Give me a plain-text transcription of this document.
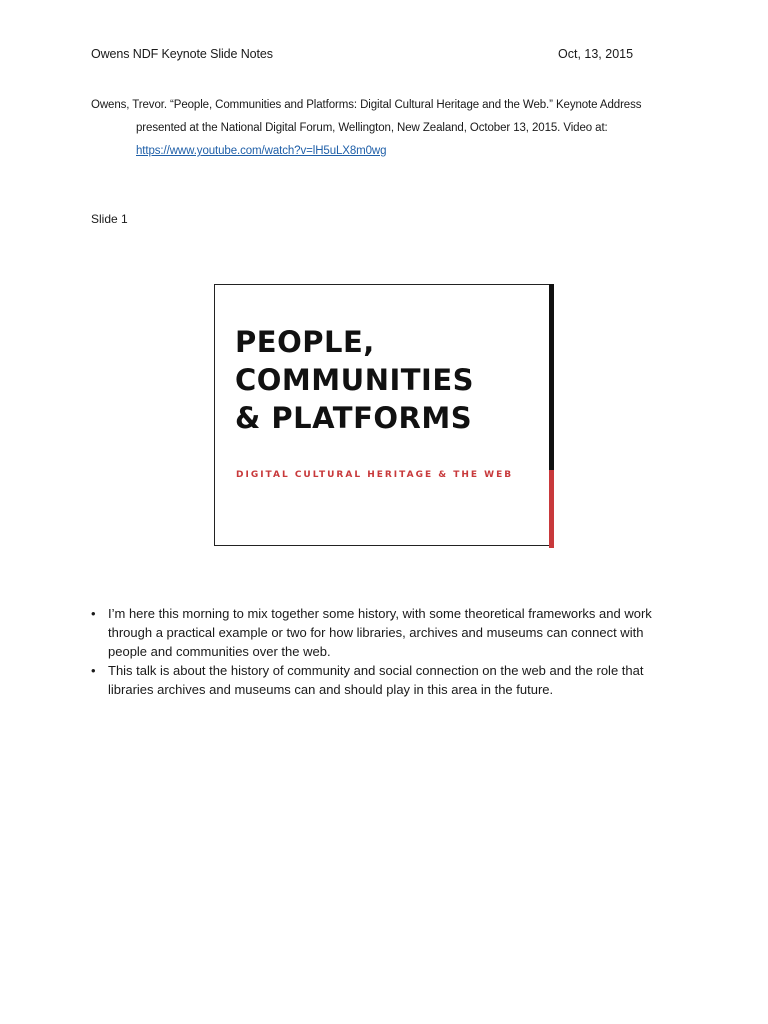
Owens NDF Keynote Slide Notes	Oct, 13, 2015
Owens, Trevor. “People, Communities and Platforms: Digital Cultural Heritage and the Web.” Keynote Address
presented at the National Digital Forum, Wellington, New Zealand, October 13, 2015. Video at:
https://www.youtube.com/watch?v=lH5uLX8m0wg
Slide 1
PEOPLE,
COMMUNITIES
& PLATFORMS
DIGITAL CULTURAL HERITAGE & THE WEB
• I’m here this morning to mix together some history, with some theoretical frameworks and work through a practical example or two for how libraries, archives and museums can connect with people and communities over the web.
• This talk is about the history of community and social connection on the web and the role that libraries archives and museums can and should play in this area in the future.
